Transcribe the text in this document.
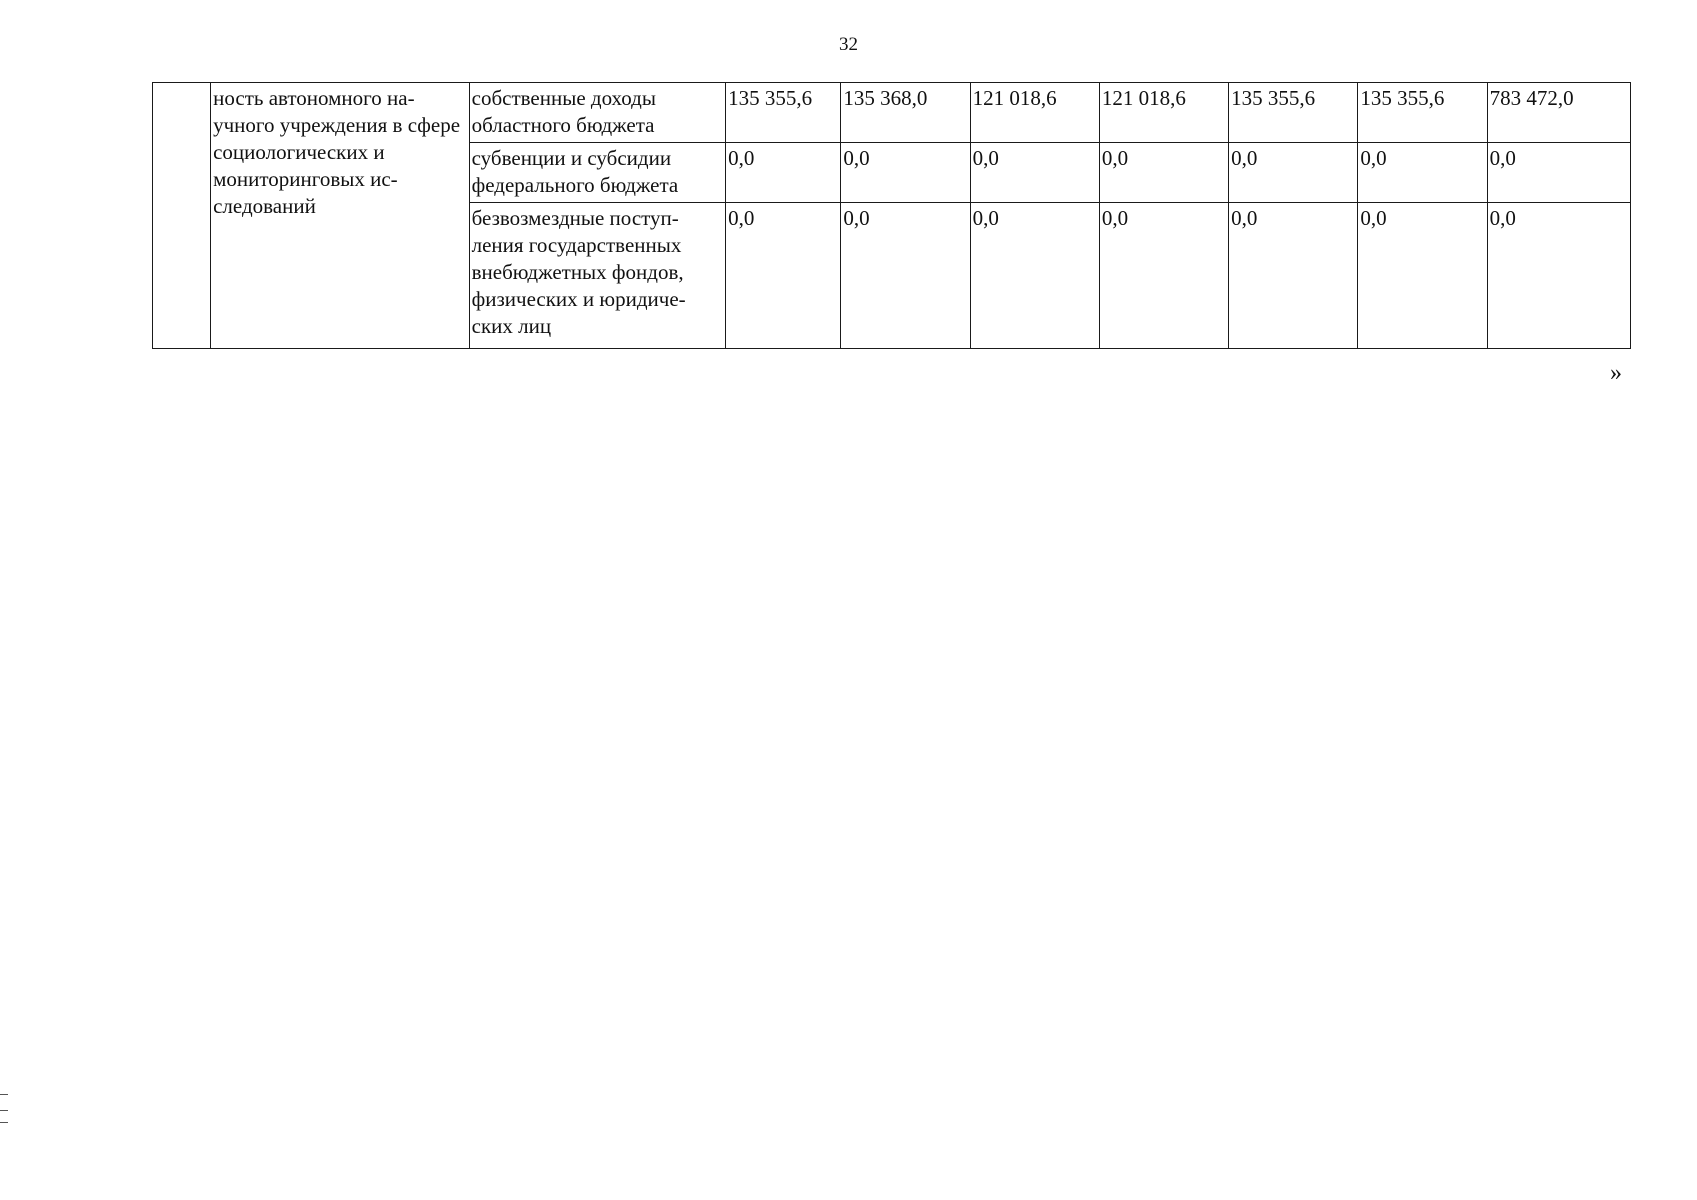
32
	ность автономного на-учного учреждения в сфере социологических и мониторинговых ис-следований	собственные доходы областного бюджета	135 355,6	135 368,0	121 018,6	121 018,6	135 355,6	135 355,6	783 472,0
		субвенции и субсидии федерального бюджета	0,0	0,0	0,0	0,0	0,0	0,0	0,0
		безвозмездные поступ-ления государственных внебюджетных фондов, физических и юридиче-ских лиц	0,0	0,0	0,0	0,0	0,0	0,0	0,0
»
